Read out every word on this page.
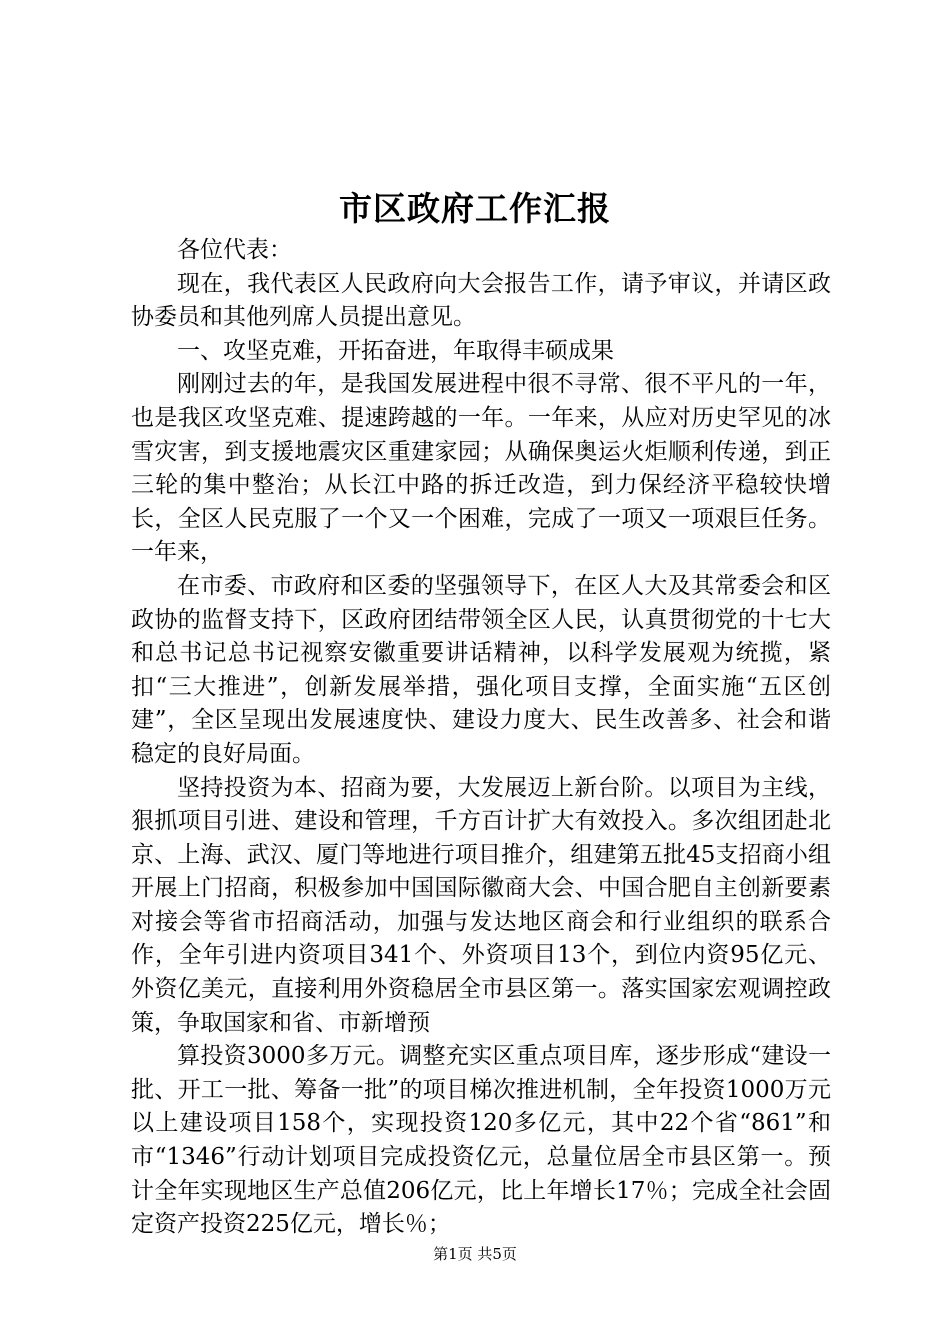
市区政府工作汇报

各位代表：

现在，我代表区人民政府向大会报告工作，请予审议，并请区政协委员和其他列席人员提出意见。

一、攻坚克难，开拓奋进，年取得丰硕成果

刚刚过去的年，是我国发展进程中很不寻常、很不平凡的一年，也是我区攻坚克难、提速跨越的一年。一年来，从应对历史罕见的冰雪灾害，到支援地震灾区重建家园；从确保奥运火炬顺利传递，到正三轮的集中整治；从长江中路的拆迁改造，到力保经济平稳较快增长，全区人民克服了一个又一个困难，完成了一项又一项艰巨任务。一年来，

在市委、市政府和区委的坚强领导下，在区人大及其常委会和区政协的监督支持下，区政府团结带领全区人民，认真贯彻党的十七大和总书记总书记视察安徽重要讲话精神，以科学发展观为统揽，紧扣“三大推进”，创新发展举措，强化项目支撑，全面实施“五区创建”，全区呈现出发展速度快、建设力度大、民生改善多、社会和谐稳定的良好局面。

坚持投资为本、招商为要，大发展迈上新台阶。以项目为主线，狠抓项目引进、建设和管理，千方百计扩大有效投入。多次组团赴北京、上海、武汉、厦门等地进行项目推介，组建第五批45支招商小组开展上门招商，积极参加中国国际徽商大会、中国合肥自主创新要素对接会等省市招商活动，加强与发达地区商会和行业组织的联系合作，全年引进内资项目341个、外资项目13个，到位内资95亿元、外资亿美元，直接利用外资稳居全市县区第一。落实国家宏观调控政策，争取国家和省、市新增预

算投资3000多万元。调整充实区重点项目库，逐步形成“建设一批、开工一批、筹备一批”的项目梯次推进机制，全年投资1000万元以上建设项目158个，实现投资120多亿元，其中22个省“861”和市“1346”行动计划项目完成投资亿元，总量位居全市县区第一。预计全年实现地区生产总值206亿元，比上年增长17％；完成全社会固定资产投资225亿元，增长％；

第1页 共5页
